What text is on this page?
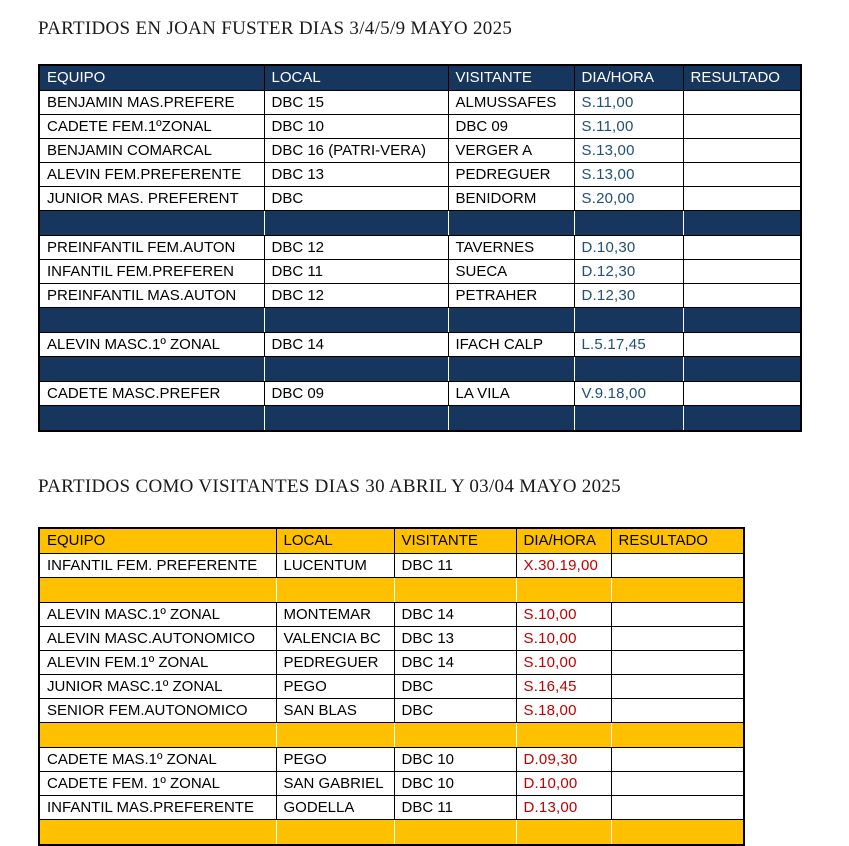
PARTIDOS EN JOAN FUSTER DIAS 3/4/5/9 MAYO 2025
EQUIPO	LOCAL	VISITANTE	DIA/HORA	RESULTADO
BENJAMIN MAS.PREFERE	DBC 15	ALMUSSAFES	S.11,00	
CADETE FEM.1ºZONAL	DBC 10	DBC 09	S.11,00	
BENJAMIN COMARCAL	DBC 16 (PATRI-VERA)	VERGER A	S.13,00	
ALEVIN FEM.PREFERENTE	DBC 13	PEDREGUER	S.13,00	
JUNIOR MAS. PREFERENT	DBC	BENIDORM	S.20,00	

PREINFANTIL FEM.AUTON	DBC 12	TAVERNES	D.10,30	
INFANTIL FEM.PREFEREN	DBC 11	SUECA	D.12,30	
PREINFANTIL MAS.AUTON	DBC 12	PETRAHER	D.12,30	

ALEVIN MASC.1º ZONAL	DBC 14	IFACH CALP	L.5.17,45	

CADETE MASC.PREFER	DBC 09	LA VILA	V.9.18,00	

PARTIDOS COMO VISITANTES DIAS 30 ABRIL Y 03/04 MAYO 2025
EQUIPO	LOCAL	VISITANTE	DIA/HORA	RESULTADO
INFANTIL FEM. PREFERENTE	LUCENTUM	DBC 11	X.30.19,00	

ALEVIN MASC.1º ZONAL	MONTEMAR	DBC 14	S.10,00	
ALEVIN MASC.AUTONOMICO	VALENCIA BC	DBC 13	S.10,00	
ALEVIN FEM.1º ZONAL	PEDREGUER	DBC 14	S.10,00	
JUNIOR MASC.1º ZONAL	PEGO	DBC	S.16,45	
SENIOR FEM.AUTONOMICO	SAN BLAS	DBC	S.18,00	

CADETE MAS.1º ZONAL	PEGO	DBC 10	D.09,30	
CADETE FEM. 1º ZONAL	SAN GABRIEL	DBC 10	D.10,00	
INFANTIL MAS.PREFERENTE	GODELLA	DBC 11	D.13,00	
